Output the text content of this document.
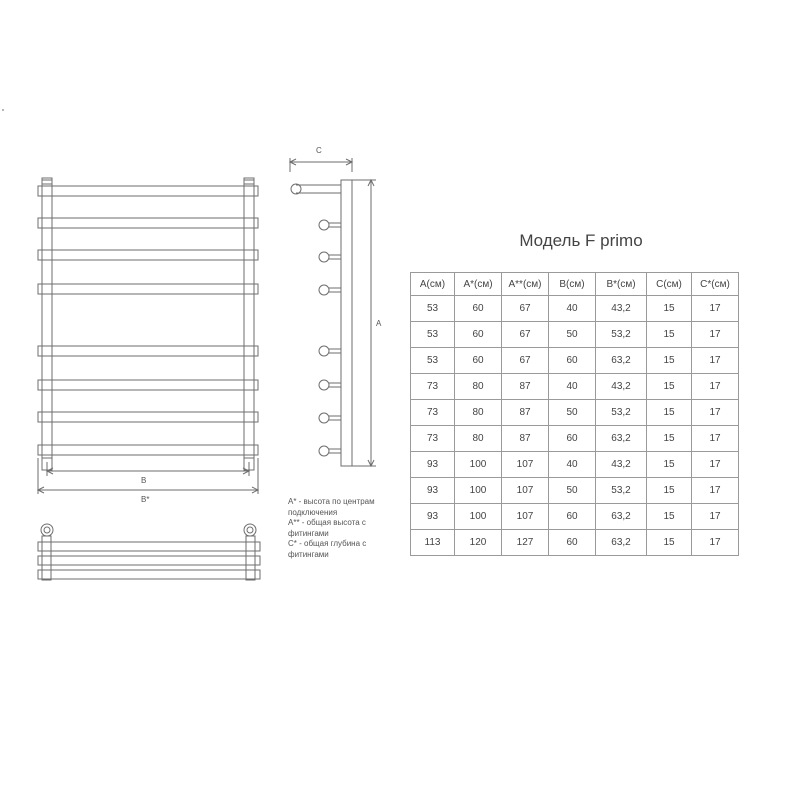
C
A
B
B*
Модель F primo
A(см)	A*(см)	A**(см)	B(см)	B*(см)	C(см)	C*(см)
53	60	67	40	43,2	15	17
53	60	67	50	53,2	15	17
53	60	67	60	63,2	15	17
73	80	87	40	43,2	15	17
73	80	87	50	53,2	15	17
73	80	87	60	63,2	15	17
93	100	107	40	43,2	15	17
93	100	107	50	53,2	15	17
93	100	107	60	63,2	15	17
113	120	127	60	63,2	15	17
A* - высота по центрам
подключения
A** - общая высота с
фитингами
C* - общая глубина с
фитингами
